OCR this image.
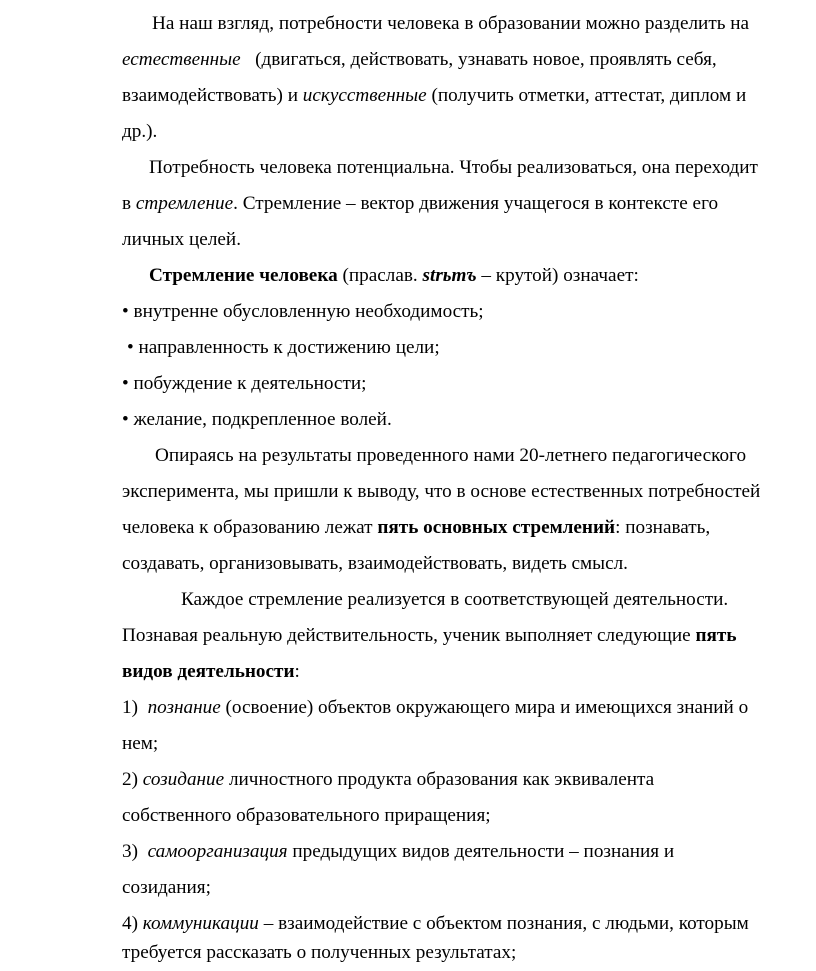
На наш взгляд, потребности человека в образовании можно разделить на
естественные (двигаться, действовать, узнавать новое, проявлять себя,
взаимодействовать) и искусственные (получить отметки, аттестат, диплом и
др.).
Потребность человека потенциальна. Чтобы реализоваться, она переходит
в стремление. Стремление – вектор движения учащегося в контексте его
личных целей.
Стремление человека (праслав. strьmъ – крутой) означает:
• внутренне обусловленную необходимость;
• направленность к достижению цели;
• побуждение к деятельности;
• желание, подкрепленное волей.
Опираясь на результаты проведенного нами 20-летнего педагогического
эксперимента, мы пришли к выводу, что в основе естественных потребностей
человека к образованию лежат пять основных стремлений: познавать,
создавать, организовывать, взаимодействовать, видеть смысл.
Каждое стремление реализуется в соответствующей деятельности.
Познавая реальную действительность, ученик выполняет следующие пять
видов деятельности:
1) познание (освоение) объектов окружающего мира и имеющихся знаний о
нем;
2) созидание личностного продукта образования как эквивалента
собственного образовательного приращения;
3) самоорганизация предыдущих видов деятельности – познания и
созидания;
4) коммуникации – взаимодействие с объектом познания, с людьми, которым
требуется рассказать о полученных результатах;
